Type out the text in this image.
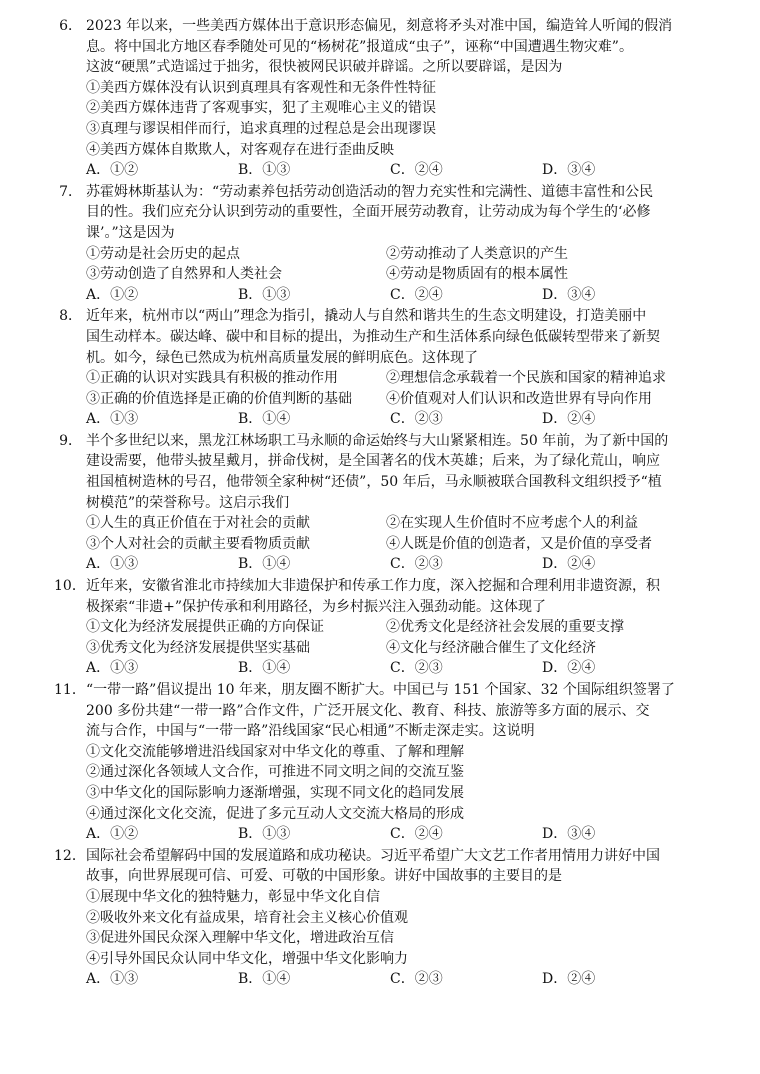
6． 2023 年以来，一些美西方媒体出于意识形态偏见，刻意将矛头对准中国，编造耸人听闻的假消
息。将中国北方地区春季随处可见的“杨树花”报道成“虫子”，诬称“中国遭遇生物灾难”。
这波“硬黑”式造谣过于拙劣，很快被网民识破并辟谣。之所以要辟谣，是因为
①美西方媒体没有认识到真理具有客观性和无条件性特征
②美西方媒体违背了客观事实，犯了主观唯心主义的错误
③真理与谬误相伴而行，追求真理的过程总是会出现谬误
④美西方媒体自欺欺人，对客观存在进行歪曲反映
A．①②	B．①③	C．②④	D．③④
7． 苏霍姆林斯基认为：“劳动素养包括劳动创造活动的智力充实性和完满性、道德丰富性和公民
目的性。我们应充分认识到劳动的重要性，全面开展劳动教育，让劳动成为每个学生的‘必修
课’。”这是因为
①劳动是社会历史的起点	②劳动推动了人类意识的产生
③劳动创造了自然界和人类社会	④劳动是物质固有的根本属性
A．①②	B．①③	C．②④	D．③④
8． 近年来，杭州市以“两山”理念为指引，撬动人与自然和谐共生的生态文明建设，打造美丽中
国生动样本。碳达峰、碳中和目标的提出，为推动生产和生活体系向绿色低碳转型带来了新契
机。如今，绿色已然成为杭州高质量发展的鲜明底色。这体现了
①正确的认识对实践具有积极的推动作用	②理想信念承载着一个民族和国家的精神追求
③正确的价值选择是正确的价值判断的基础	④价值观对人们认识和改造世界有导向作用
A．①③	B．①④	C．②③	D．②④
9． 半个多世纪以来，黑龙江林场职工马永顺的命运始终与大山紧紧相连。50 年前，为了新中国的
建设需要，他带头披星戴月，拼命伐树，是全国著名的伐木英雄；后来，为了绿化荒山，响应
祖国植树造林的号召，他带领全家种树“还债”，50 年后，马永顺被联合国教科文组织授予“植
树模范”的荣誉称号。这启示我们
①人生的真正价值在于对社会的贡献	②在实现人生价值时不应考虑个人的利益
③个人对社会的贡献主要看物质贡献	④人既是价值的创造者，又是价值的享受者
A．①③	B．①④	C．②③	D．②④
10． 近年来，安徽省淮北市持续加大非遗保护和传承工作力度，深入挖掘和合理利用非遗资源，积
极探索“非遗+”保护传承和利用路径，为乡村振兴注入强劲动能。这体现了
①文化为经济发展提供正确的方向保证	②优秀文化是经济社会发展的重要支撑
③优秀文化为经济发展提供坚实基础	④文化与经济融合催生了文化经济
A．①③	B．①④	C．②③	D．②④
11． “一带一路”倡议提出 10 年来，朋友圈不断扩大。中国已与 151 个国家、32 个国际组织签署了
200 多份共建“一带一路”合作文件，广泛开展文化、教育、科技、旅游等多方面的展示、交
流与合作，中国与“一带一路”沿线国家“民心相通”不断走深走实。这说明
①文化交流能够增进沿线国家对中华文化的尊重、了解和理解
②通过深化各领域人文合作，可推进不同文明之间的交流互鉴
③中华文化的国际影响力逐渐增强，实现不同文化的趋同发展
④通过深化文化交流，促进了多元互动人文交流大格局的形成
A．①②	B．①③	C．②④	D．③④
12． 国际社会希望解码中国的发展道路和成功秘诀。习近平希望广大文艺工作者用情用力讲好中国
故事，向世界展现可信、可爱、可敬的中国形象。讲好中国故事的主要目的是
①展现中华文化的独特魅力，彰显中华文化自信
②吸收外来文化有益成果，培育社会主义核心价值观
③促进外国民众深入理解中华文化，增进政治互信
④引导外国民众认同中华文化，增强中华文化影响力
A．①③	B．①④	C．②③	D．②④
